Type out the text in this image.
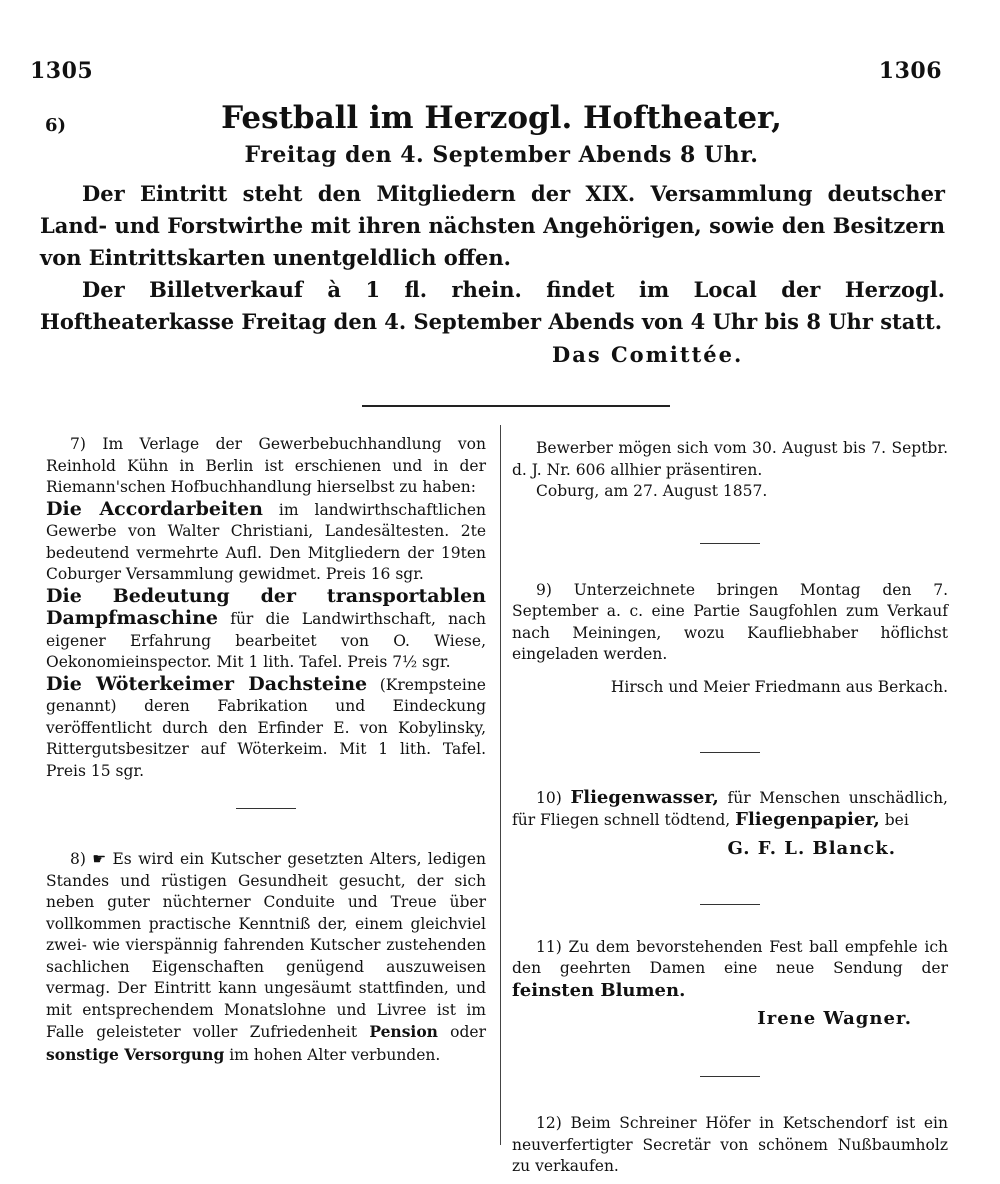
1305	1306
6)	Festball im Herzogl. Hoftheater,
Freitag den 4. September Abends 8 Uhr.

Der Eintritt steht den Mitgliedern der XIX. Versammlung deutscher Land- und Forstwirthe mit ihren nächsten Angehörigen, sowie den Besitzern von Eintrittskarten unentgeldlich offen.

Der Billetverkauf à 1 fl. rhein. findet im Local der Herzogl. Hoftheaterkasse Freitag den 4. September Abends von 4 Uhr bis 8 Uhr statt.

Das Comittée.

7) Im Verlage der Gewerbebuchhandlung von Reinhold Kühn in Berlin ist erschienen und in der Riemann'schen Hofbuchhandlung hierselbst zu haben:

Die Accordarbeiten im landwirthschaftlichen Gewerbe von Walter Christiani, Landesältesten. 2te bedeutend vermehrte Aufl. Den Mitgliedern der 19ten Coburger Versammlung gewidmet. Preis 16 sgr.

Die Bedeutung der transportablen Dampfmaschine für die Landwirthschaft, nach eigener Erfahrung bearbeitet von O. Wiese, Oekonomieinspector. Mit 1 lith. Tafel. Preis 7½ sgr.

Die Wöterkeimer Dachsteine (Krempsteine genannt) deren Fabrikation und Eindeckung veröffentlicht durch den Erfinder E. von Kobylinsky, Rittergutsbesitzer auf Wöterkeim. Mit 1 lith. Tafel. Preis 15 sgr.

8) ☛ Es wird ein Kutscher gesetzten Alters, ledigen Standes und rüstigen Gesundheit gesucht, der sich neben guter nüchterner Conduite und Treue über vollkommen practische Kenntniß der, einem gleichviel zwei- wie vierspännig fahrenden Kutscher zustehenden sachlichen Eigenschaften genügend auszuweisen vermag. Der Eintritt kann ungesäumt stattfinden, und mit entsprechendem Monatslohne und Livree ist im Falle geleisteter voller Zufriedenheit Pension oder sonstige Versorgung im hohen Alter verbunden.

Bewerber mögen sich vom 30. August bis 7. Septbr. d. J. Nr. 606 allhier präsentiren.

Coburg, am 27. August 1857.

9) Unterzeichnete bringen Montag den 7. September a. c. eine Partie Saugfohlen zum Verkauf nach Meiningen, wozu Kaufliebhaber höflichst eingeladen werden.

Hirsch und Meier Friedmann aus Berkach.

10) Fliegenwasser, für Menschen unschädlich, für Fliegen schnell tödtend, Fliegenpapier, bei

G. F. L. Blanck.

11) Zu dem bevorstehenden Fest ball empfehle ich den geehrten Damen eine neue Sendung der feinsten Blumen.

Irene Wagner.

12) Beim Schreiner Höfer in Ketschendorf ist ein neuverfertigter Secretär von schönem Nußbaumholz zu verkaufen.
